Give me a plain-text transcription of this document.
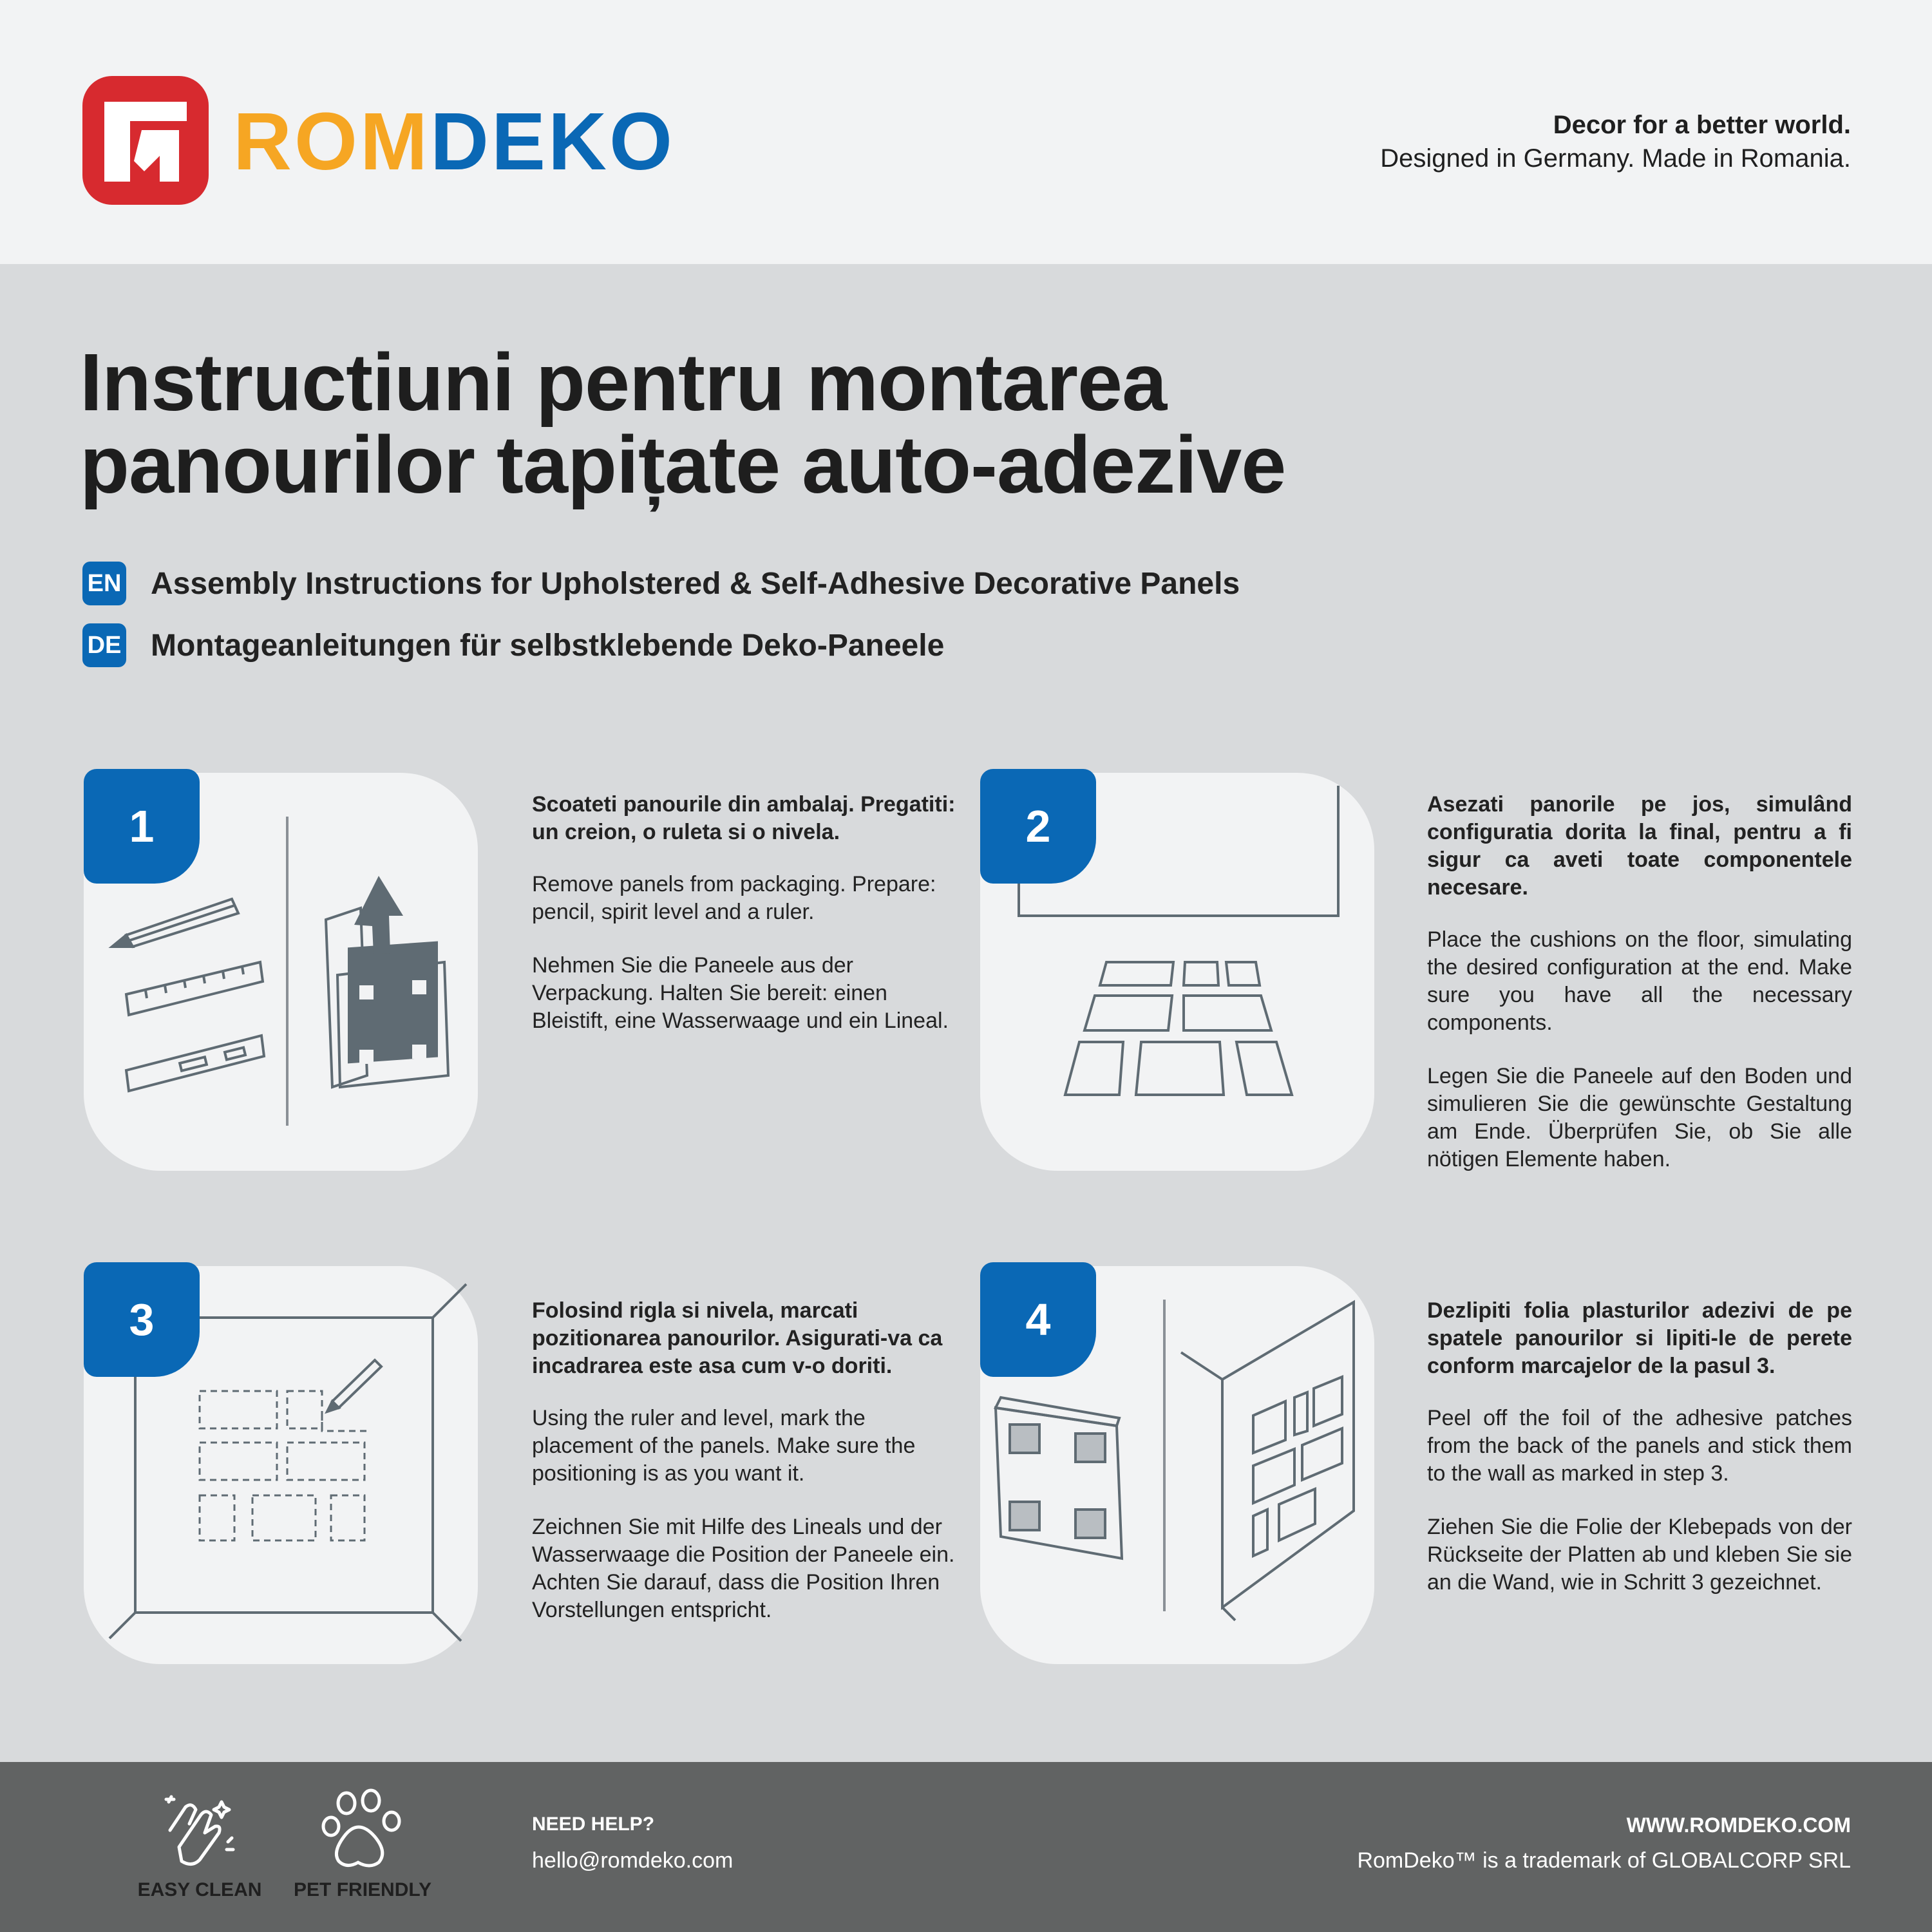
ROMDEKO	Decor for a better world.
Designed in Germany. Made in Romania.
Instructiuni pentru montarea
panourilor tapițate auto-adezive
EN Assembly Instructions for Upholstered & Self-Adhesive Decorative Panels
DE Montageanleitungen für selbstklebende Deko-Paneele
1	Scoateti panourile din ambalaj. Pregatiti: un creion, o ruleta si o nivela.

Remove panels from packaging. Prepare: pencil, spirit level and a ruler.

Nehmen Sie die Paneele aus der Verpackung. Halten Sie bereit: einen Bleistift, eine Wasserwaage und ein Lineal.

2	Asezati panorile pe jos, simulând configuratia dorita la final, pentru a fi sigur ca aveti toate componentele necesare.

Place the cushions on the floor, simulating the desired configuration at the end. Make sure you have all the necessary components.

Legen Sie die Paneele auf den Boden und simulieren Sie die gewünschte Gestaltung am Ende. Überprüfen Sie, ob Sie alle nötigen Elemente haben.

3	Folosind rigla si nivela, marcati pozitionarea panourilor. Asigurati-va ca incadrarea este asa cum v-o doriti.

Using the ruler and level, mark the placement of the panels. Make sure the positioning is as you want it.

Zeichnen Sie mit Hilfe des Lineals und der Wasserwaage die Position der Paneele ein. Achten Sie darauf, dass die Position Ihren Vorstellungen entspricht.

4	Dezlipiti folia plasturilor adezivi de pe spatele panourilor si lipiti-le de perete conform marcajelor de la pasul 3.

Peel off the foil of the adhesive patches from the back of the panels and stick them to the wall as marked in step 3.

Ziehen Sie die Folie der Klebepads von der Rückseite der Platten ab und kleben Sie sie an die Wand, wie in Schritt 3 gezeichnet.

EASY CLEAN PET FRIENDLY
NEED HELP?
hello@romdeko.com
WWW.ROMDEKO.COM
RomDeko™ is a trademark of GLOBALCORP SRL
